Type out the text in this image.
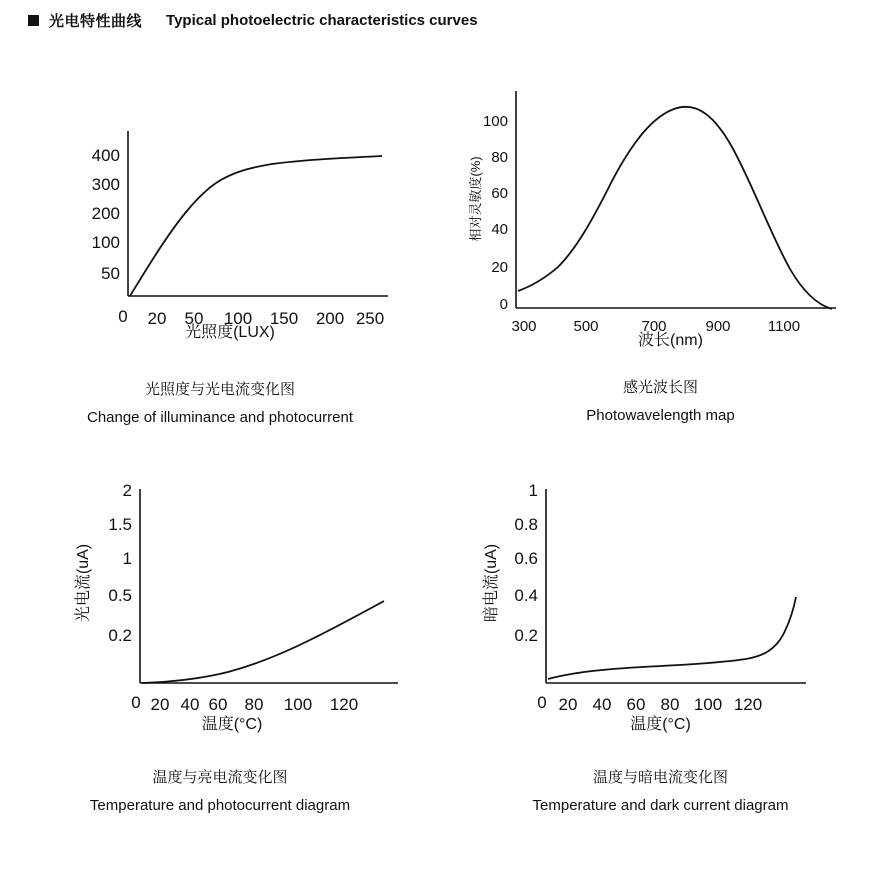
光电特性曲线 Typical photoelectric characteristics curves
400
300
200
100
50
0 20 50 100 150 200 250
光照度(LUX)
光照度与光电流变化图
Change of illuminance and photocurrent
100
80
60
40
20
0
300 500	700	900 1100
相对灵敏度(%)
波长(nm)
感光波长图
Photowavelength map
2
1.5
1
0.5
0.2
0 20 40 60 80 100 120
光电流(uA)
温度(°C)
温度与亮电流变化图
Temperature and photocurrent diagram
1
0.8
0.6
0.4
0.2
0 20 40 60 80 100 120
暗电流(uA)
温度(°C)
温度与暗电流变化图
Temperature and dark current diagram
